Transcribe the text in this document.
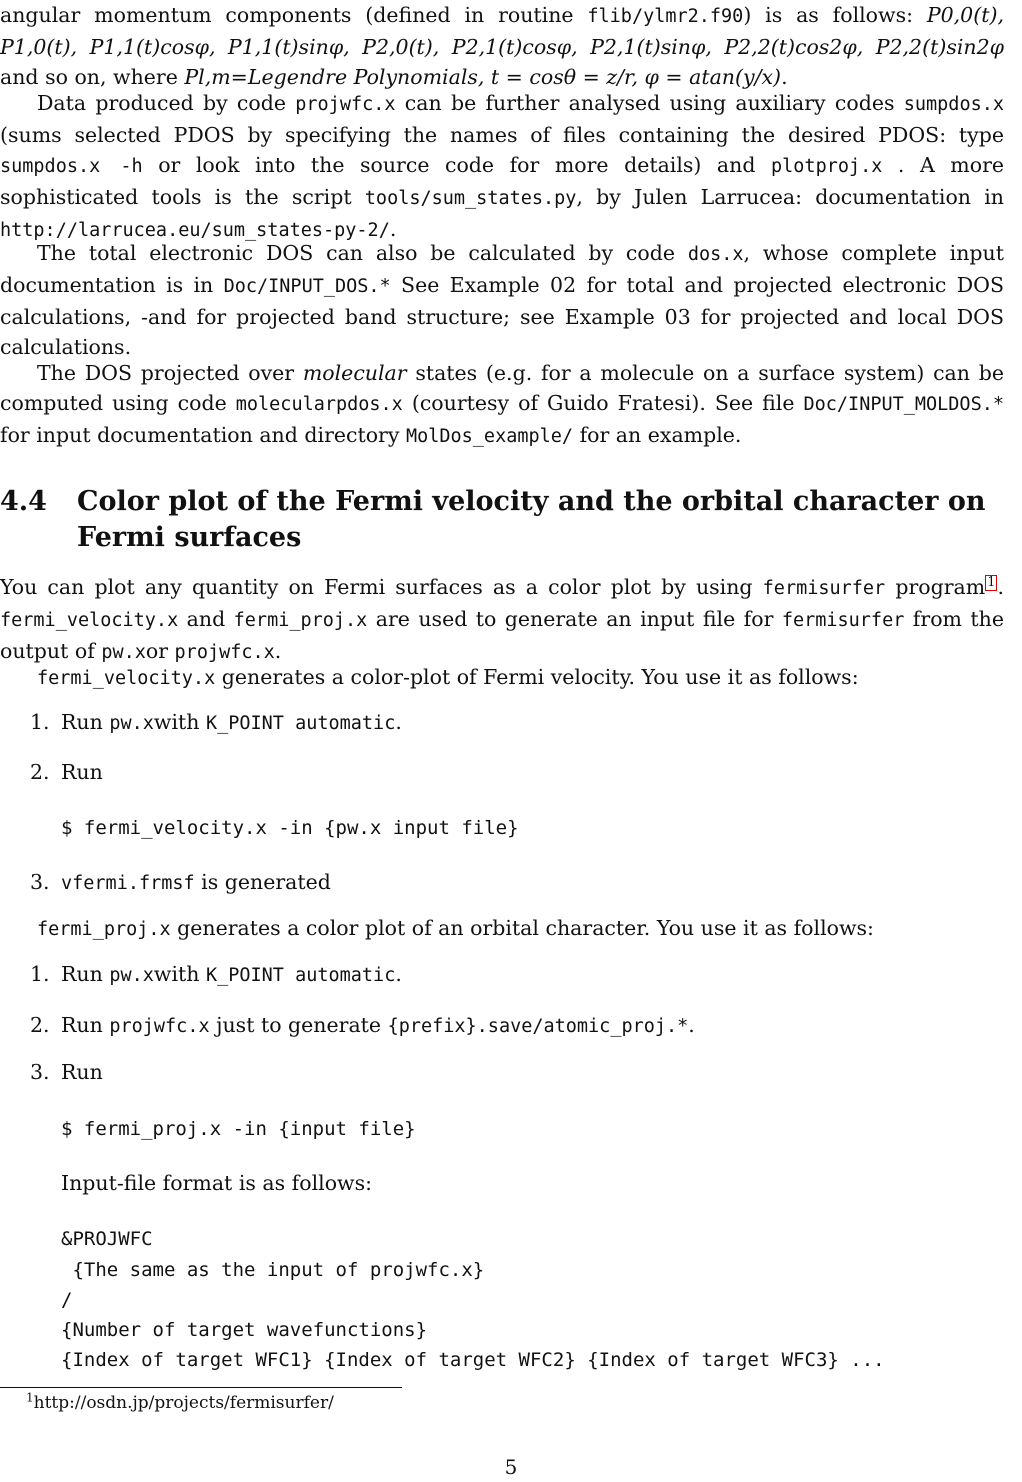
angular momentum components (defined in routine flib/ylmr2.f90) is as follows: P0,0(t), P1,0(t), P1,1(t)cosφ, P1,1(t)sinφ, P2,0(t), P2,1(t)cosφ, P2,1(t)sinφ, P2,2(t)cos2φ, P2,2(t)sin2φ and so on, where Pl,m=Legendre Polynomials, t = cosθ = z/r, φ = atan(y/x).

Data produced by code projwfc.x can be further analysed using auxiliary codes sumpdos.x (sums selected PDOS by specifying the names of files containing the desired PDOS: type sumpdos.x -h or look into the source code for more details) and plotproj.x . A more sophisticated tools is the script tools/sum_states.py, by Julen Larrucea: documentation in http://larrucea.eu/sum_states-py-2/.

The total electronic DOS can also be calculated by code dos.x, whose complete input documentation is in Doc/INPUT_DOS.* See Example 02 for total and projected electronic DOS calculations, -and for projected band structure; see Example 03 for projected and local DOS calculations.

The DOS projected over molecular states (e.g. for a molecule on a surface system) can be computed using code molecularpdos.x (courtesy of Guido Fratesi). See file Doc/INPUT_MOLDOS.* for input documentation and directory MolDos_example/ for an example.

4.4	Color plot of the Fermi velocity and the orbital character on Fermi surfaces

You can plot any quantity on Fermi surfaces as a color plot by using fermisurfer program 1. fermi_velocity.x and fermi_proj.x are used to generate an input file for fermisurfer from the output of pw.xor projwfc.x.

fermi_velocity.x generates a color-plot of Fermi velocity. You use it as follows:

1. Run pw.xwith K_POINT automatic.
2. Run
$ fermi_velocity.x -in {pw.x input file}
3. vfermi.frmsf is generated

fermi_proj.x generates a color plot of an orbital character. You use it as follows:

1. Run pw.xwith K_POINT automatic.
2. Run projwfc.x just to generate {prefix}.save/atomic_proj.*.
3. Run
$ fermi_proj.x -in {input file}
Input-file format is as follows:
&PROJWFC
{The same as the input of projwfc.x}
/
{Number of target wavefunctions}
{Index of target WFC1} {Index of target WFC2} {Index of target WFC3} ...
$^1$http://osdn.jp/projects/fermisurfer/
5
